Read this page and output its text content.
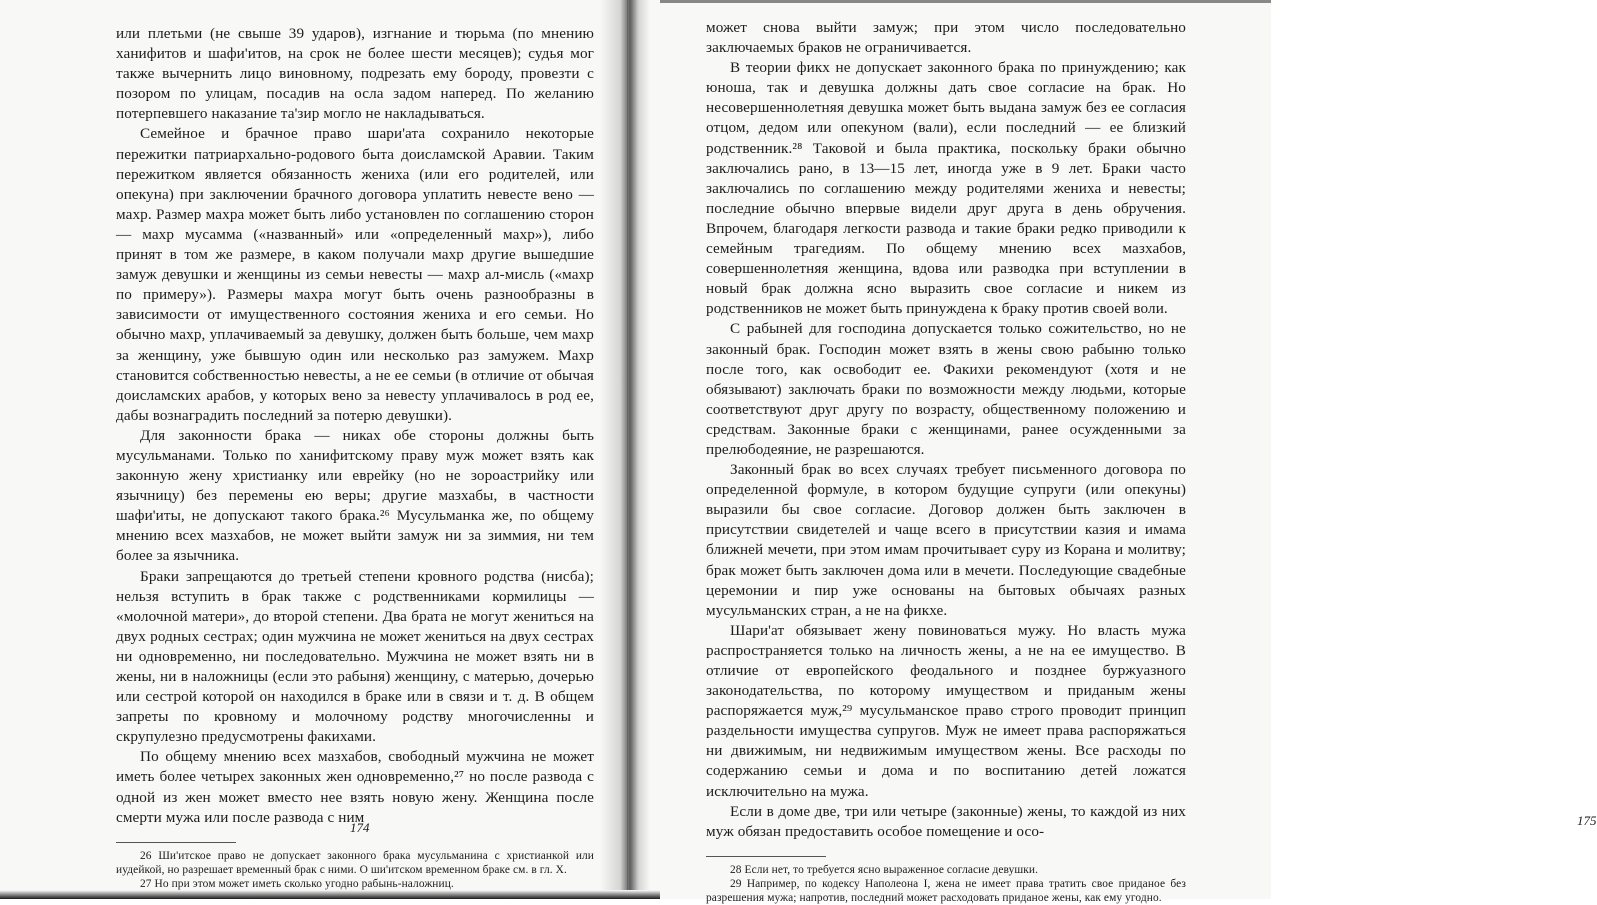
или плетьми (не свыше 39 ударов), изгнание и тюрьма (по мнению ханифитов и шафи'итов, на срок не более шести месяцев); судья мог также вычернить лицо виновному, подрезать ему бороду, провезти с позором по улицам, посадив на осла задом наперед. По желанию потерпевшего наказание та'зир могло не накладываться.

Семейное и брачное право шари'ата сохранило некоторые пережитки патриархально-родового быта доисламской Аравии. Таким пережитком является обязанность жениха (или его родителей, или опекуна) при заключении брачного договора уплатить невесте вено — махр. Размер махра может быть либо установлен по соглашению сторон — махр мусамма («названный» или «определенный махр»), либо принят в том же размере, в каком получали махр другие вышедшие замуж девушки и женщины из семьи невесты — махр ал-мисль («махр по примеру»). Размеры махра могут быть очень разнообразны в зависимости от имущественного состояния жениха и его семьи. Но обычно махр, уплачиваемый за девушку, должен быть больше, чем махр за женщину, уже бывшую один или несколько раз замужем. Махр становится собственностью невесты, а не ее семьи (в отличие от обычая доисламских арабов, у которых вено за невесту уплачивалось в род ее, дабы вознаградить последний за потерю девушки).

Для законности брака — никах обе стороны должны быть мусульманами. Только по ханифитскому праву муж может взять как законную жену христианку или еврейку (но не зороастрийку или язычницу) без перемены ею веры; другие мазхабы, в частности шафи'иты, не допускают такого брака.²⁶ Мусульманка же, по общему мнению всех мазхабов, не может выйти замуж ни за зиммия, ни тем более за язычника.

Браки запрещаются до третьей степени кровного родства (нисба); нельзя вступить в брак также с родственниками кормилицы — «молочной матери», до второй степени. Два брата не могут жениться на двух родных сестрах; один мужчина не может жениться на двух сестрах ни одновременно, ни последовательно. Мужчина не может взять ни в жены, ни в наложницы (если это рабыня) женщину, с матерью, дочерью или сестрой которой он находился в браке или в связи и т. д. В общем запреты по кровному и молочному родству многочисленны и скрупулезно предусмотрены факихами.

По общему мнению всех мазхабов, свободный мужчина не может иметь более четырех законных жен одновременно,²⁷ но после развода с одной из жен может вместо нее взять новую жену. Женщина после смерти мужа или после развода с ним

26 Ши'итское право не допускает законного брака мусульманина с христианкой или иудейкой, но разрешает временный брак с ними. О ши'итском временном браке см. в гл. X.

27 Но при этом может иметь сколько угодно рабынь-наложниц.

174	175

может снова выйти замуж; при этом число последовательно заключаемых браков не ограничивается.

В теории фикх не допускает законного брака по принуждению; как юноша, так и девушка должны дать свое согласие на брак. Но несовершеннолетняя девушка может быть выдана замуж без ее согласия отцом, дедом или опекуном (вали), если последний — ее близкий родственник.²⁸ Таковой и была практика, поскольку браки обычно заключались рано, в 13—15 лет, иногда уже в 9 лет. Браки часто заключались по соглашению между родителями жениха и невесты; последние обычно впервые видели друг друга в день обручения. Впрочем, благодаря легкости развода и такие браки редко приводили к семейным трагедиям. По общему мнению всех мазхабов, совершеннолетняя женщина, вдова или разводка при вступлении в новый брак должна ясно выразить свое согласие и никем из родственников не может быть принуждена к браку против своей воли.

С рабыней для господина допускается только сожительство, но не законный брак. Господин может взять в жены свою рабыню только после того, как освободит ее. Факихи рекомендуют (хотя и не обязывают) заключать браки по возможности между людьми, которые соответствуют друг другу по возрасту, общественному положению и средствам. Законные браки с женщинами, ранее осужденными за прелюбодеяние, не разрешаются.

Законный брак во всех случаях требует письменного договора по определенной формуле, в котором будущие супруги (или опекуны) выразили бы свое согласие. Договор должен быть заключен в присутствии свидетелей и чаще всего в присутствии казия и имама ближней мечети, при этом имам прочитывает суру из Корана и молитву; брак может быть заключен дома или в мечети. Последующие свадебные церемонии и пир уже основаны на бытовых обычаях разных мусульманских стран, а не на фикхе.

Шари'ат обязывает жену повиноваться мужу. Но власть мужа распространяется только на личность жены, а не на ее имущество. В отличие от европейского феодального и позднее буржуазного законодательства, по которому имуществом и приданым жены распоряжается муж,²⁹ мусульманское право строго проводит принцип раздельности имущества супругов. Муж не имеет права распоряжаться ни движимым, ни недвижимым имуществом жены. Все расходы по содержанию семьи и дома и по воспитанию детей ложатся исключительно на мужа.

Если в доме две, три или четыре (законные) жены, то каждой из них муж обязан предоставить особое помещение и осо-

28 Если нет, то требуется ясно выраженное согласие девушки.

29 Например, по кодексу Наполеона I, жена не имеет права тратить свое приданое без разрешения мужа; напротив, последний может расходовать приданое жены, как ему угодно.
